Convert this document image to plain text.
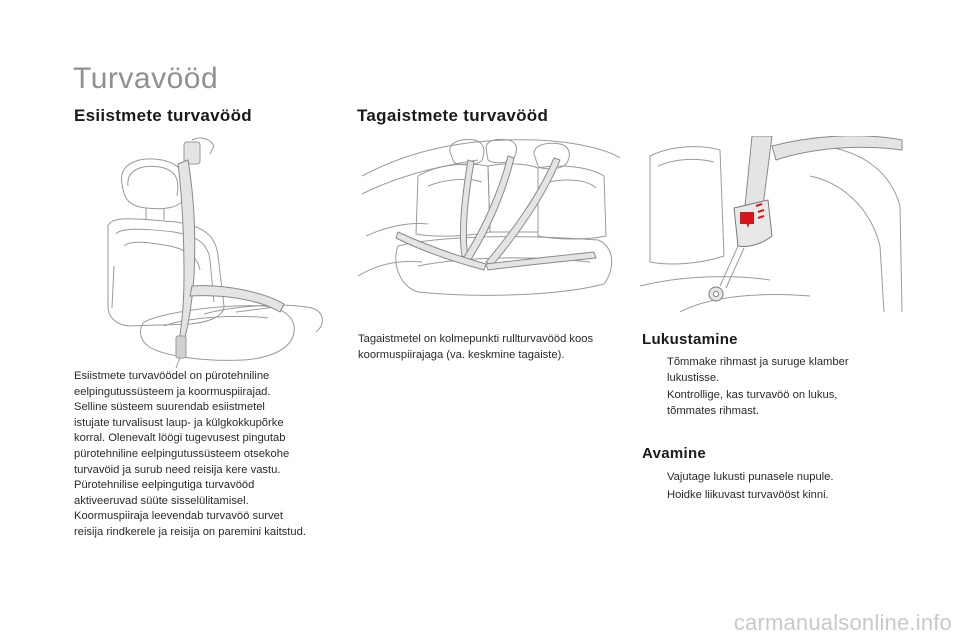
Turvavööd
Esiistmete turvavööd	Tagaistmete turvavööd

Esiistmete turvavöödel on pürotehniline

eelpingutussüsteem ja koormuspiirajad.

Selline süsteem suurendab esiistmetel

istujate turvalisust laup- ja külgkokkupõrke

korral. Olenevalt löögi tugevusest pingutab

pürotehniline eelpingutussüsteem otsekohe

turvavöid ja surub need reisija kere vastu.

Pürotehnilise eelpingutiga turvavööd

aktiveeruvad süüte sisselülitamisel.

Koormuspiiraja leevendab turvavöö survet

reisija rindkerele ja reisija on paremini kaitstud.

Tagaistmetel on kolmepunkti rullturvavööd koos

koormuspiirajaga (va. keskmine tagaiste).

Lukustamine
Tõmmake rihmast ja suruge klamber
lukustisse.
Kontrollige, kas turvavöö on lukus,
tõmmates rihmast.
Avamine
Vajutage lukusti punasele nupule.
Hoidke liikuvast turvavööst kinni.
carmanualsonline.info
